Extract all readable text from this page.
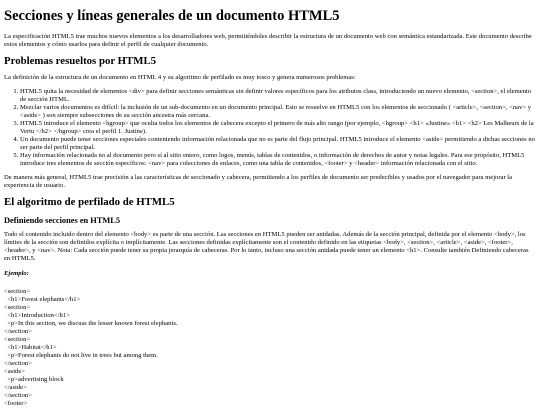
Secciones y líneas generales de un documento HTML5

La especificación HTML5 trae muchos nuevos elementos a los desarrolladores web, permitiéndoles describir la estructura de un documento web con semántica estandarizada. Este documento describe estos elementos y cómo usarlos para definir el perfil de cualquier documento.

Problemas resueltos por HTML5

La definición de la estructura de un documento en HTML 4 y su algoritmo de perfilado es muy tosco y genera numerosos problemas:

1. HTML5 quita la necesidad de elementos <div> para definir secciones semánticas sin definir valores específicos para los atributos class, introduciendo un nuevo elemento, <section>, el elemento de sección HTML.
2. Mezclar varios documentos es difícil: la inclusión de un sub-documento en un documento principal. Esto se resuelve en HTML5 con los elementos de seccionado ( <article>, <section>, <nav> y <aside> ) son siempre subsecciones de su sección ancestra más cercana.
3. HTML5 introduce el elemento <hgroup> que oculta todos los elementos de cabecera excepto el primero de más alto rango (por ejemplo, <hgroup> <h1> «Justine» <h1> <h2> Les Malheurs de la Vertu </h2> </hgroup> crea el perfil 1. Justine).
4. Un documento puede tener secciones especiales conteniendo información relacionada que no es parte del flujo principal. HTML5 introduce el elemento <aside> permitiendo a dichas secciones no ser parte del perfil principal.
5. Hay información relacionada no al documento pero sí al sitio entero, como logos, menús, tablas de contenidos, o información de derechos de autor y notas legales. Para ese propósito, HTML5 introduce tres elementos de sección específicos: <nav> para colecciones de enlaces, como una tabla de contenidos, <footer> y <header> información relacionada con el sitio.

De manera más general, HTML5 trae precisión a las características de seccionado y cabecera, permitiendo a los perfiles de documento ser predecibles y usados por el navegador para mejorar la experiencia de usuario.

El algoritmo de perfilado de HTML5
Definiendo secciones en HTML5

Todo el contenido incluido dentro del elemento <body> es parte de una sección. Las secciones en HTML5 pueden ser anidadas. Además de la sección principal, definida por el elemento <body>, los límites de la sección son definidos explícita o implícitamente. Las secciones definidas explícitamente son el contenido definido en las etiquetas <body>, <section>, <article>, <aside>, <footer>, <header>, y <nav>. Nota: Cada sección puede tener su propia jerarquía de cabeceras. Por lo tanto, incluso una sección anidada puede tener un elemento <h1>. Consulte también Definiendo cabeceras en HTML5.

Ejemplo:
<section>
<h1>Forest elephants</h1>
<section>
<h1>Introduction</h1>
<p>In this section, we discuss the lesser known forest elephants.
</section>
<section>
<h1>Habitat</h1>
<p>Forest elephants do not live in trees but among them.
</section>
<aside>
<p>advertising block
</aside>
</section>
<footer>
